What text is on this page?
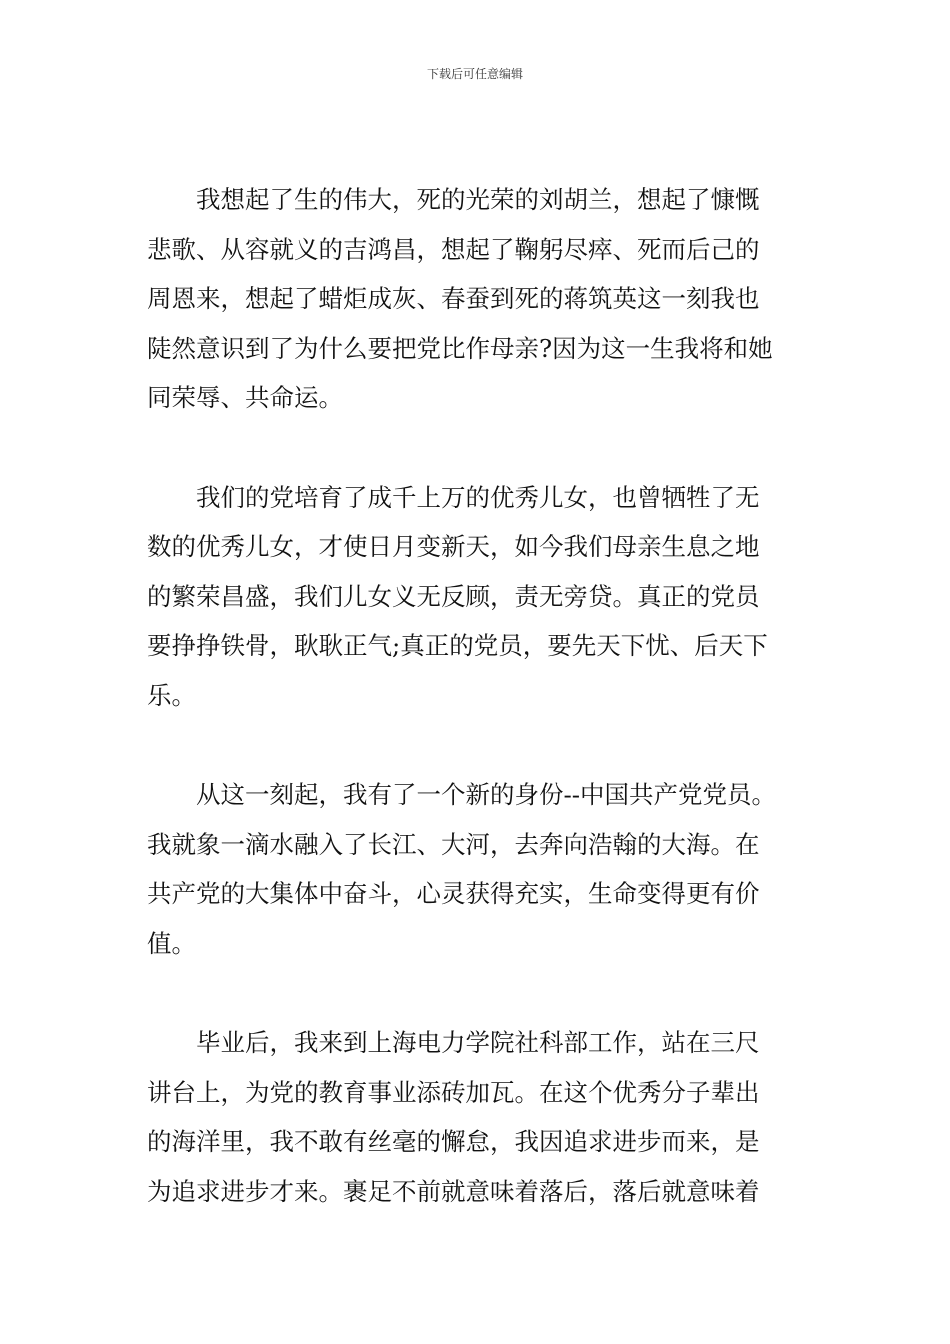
下载后可任意编辑
我想起了生的伟大，死的光荣的刘胡兰，想起了慷慨
悲歌、从容就义的吉鸿昌，想起了鞠躬尽瘁、死而后己的
周恩来，想起了蜡炬成灰、春蚕到死的蒋筑英这一刻我也
陡然意识到了为什么要把党比作母亲?因为这一生我将和她
同荣辱、共命运。
我们的党培育了成千上万的优秀儿女，也曾牺牲了无
数的优秀儿女，才使日月变新天，如今我们母亲生息之地
的繁荣昌盛，我们儿女义无反顾，责无旁贷。真正的党员
要挣挣铁骨，耿耿正气;真正的党员，要先天下忧、后天下
乐。
从这一刻起，我有了一个新的身份--中国共产党党员。
我就象一滴水融入了长江、大河，去奔向浩翰的大海。在
共产党的大集体中奋斗，心灵获得充实，生命变得更有价
值。
毕业后，我来到上海电力学院社科部工作，站在三尺
讲台上，为党的教育事业添砖加瓦。在这个优秀分子辈出
的海洋里，我不敢有丝毫的懈怠，我因追求进步而来，是
为追求进步才来。裹足不前就意味着落后，落后就意味着
